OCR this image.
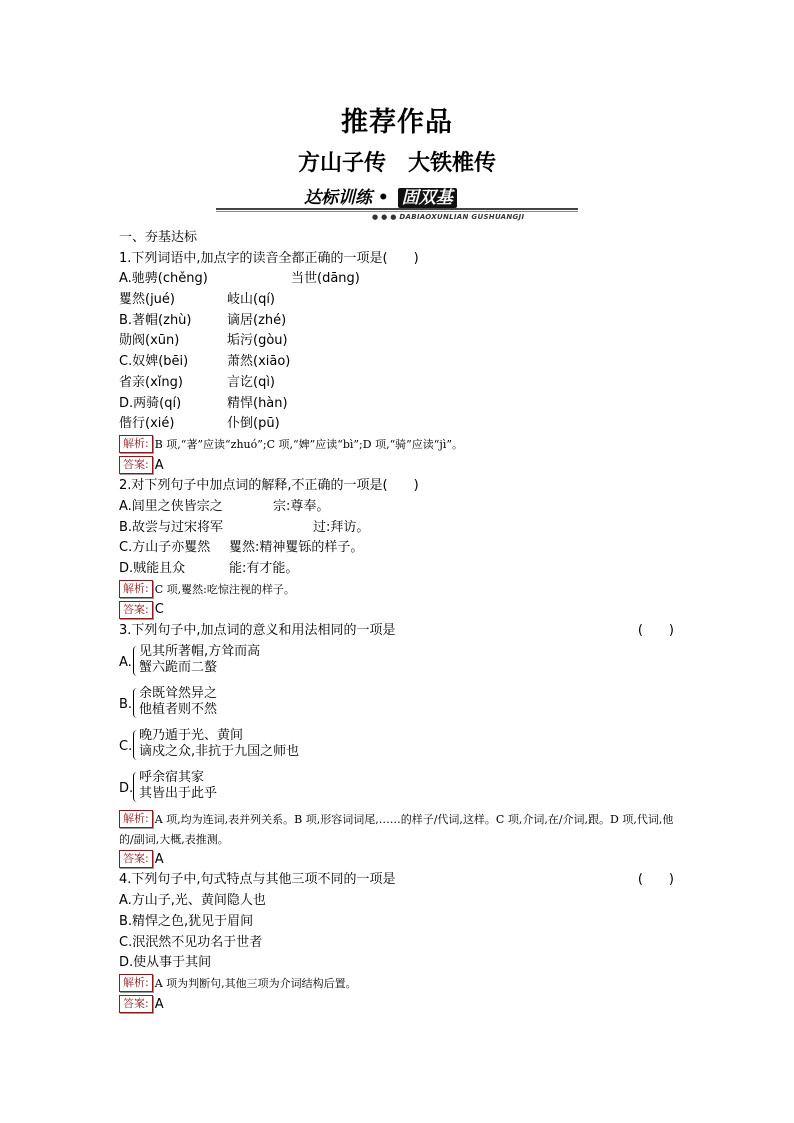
推荐作品
方山子传　大铁椎传
达标训练 • 固双基
● ● ● DABIAOXUNLIAN GUSHUANGJI
一、夯基达标
1.下列词语中,加点字的读音全都正确的一项是(　　)
A.驰骋(chěng)	当世(dāng)
矍然(jué)	岐山(qí)
B.著帽(zhù)	谪居(zhé)
勋阀(xūn)	垢污(gòu)
C.奴婢(bēi)	萧然(xiāo)
省亲(xǐng)	言讫(qì)
D.两骑(qí)	精悍(hàn)
偕行(xié)	仆倒(pū)
解析: B 项,“著”应读“zhuó”;C 项,“婢”应读“bì”;D 项,“骑”应读“jì”。
答案: A
2.对下列句子中加点词的解释,不正确的一项是(　　)
A.闾里之侠皆宗之	宗:尊奉。
B.故尝与过宋将军	过:拜访。
C.方山子亦矍然 矍然:精神矍铄的样子。
D.贼能且众	能:有才能。
解析: C 项,矍然:吃惊注视的样子。
答案: C
3.下列句子中,加点词的意义和用法相同的一项是	(　　)
A.
见其所著帽,方耸而高
蟹六跪而二螯
B.
余既耸然异之
他植者则不然
C.
晚乃遁于光、黄间
谪戍之众,非抗于九国之师也
D.
呼余宿其家
其皆出于此乎
解析: A 项,均为连词,表并列关系。B 项,形容词词尾,……的样子/代词,这样。C 项,介词,在/介词,跟。D 项,代词,他的/副词,大概,表推测。
答案: A
4.下列句子中,句式特点与其他三项不同的一项是	(　　)
A.方山子,光、黄间隐人也
B.精悍之色,犹见于眉间
C.泯泯然不见功名于世者
D.使从事于其间
解析: A 项为判断句,其他三项为介词结构后置。
答案: A
